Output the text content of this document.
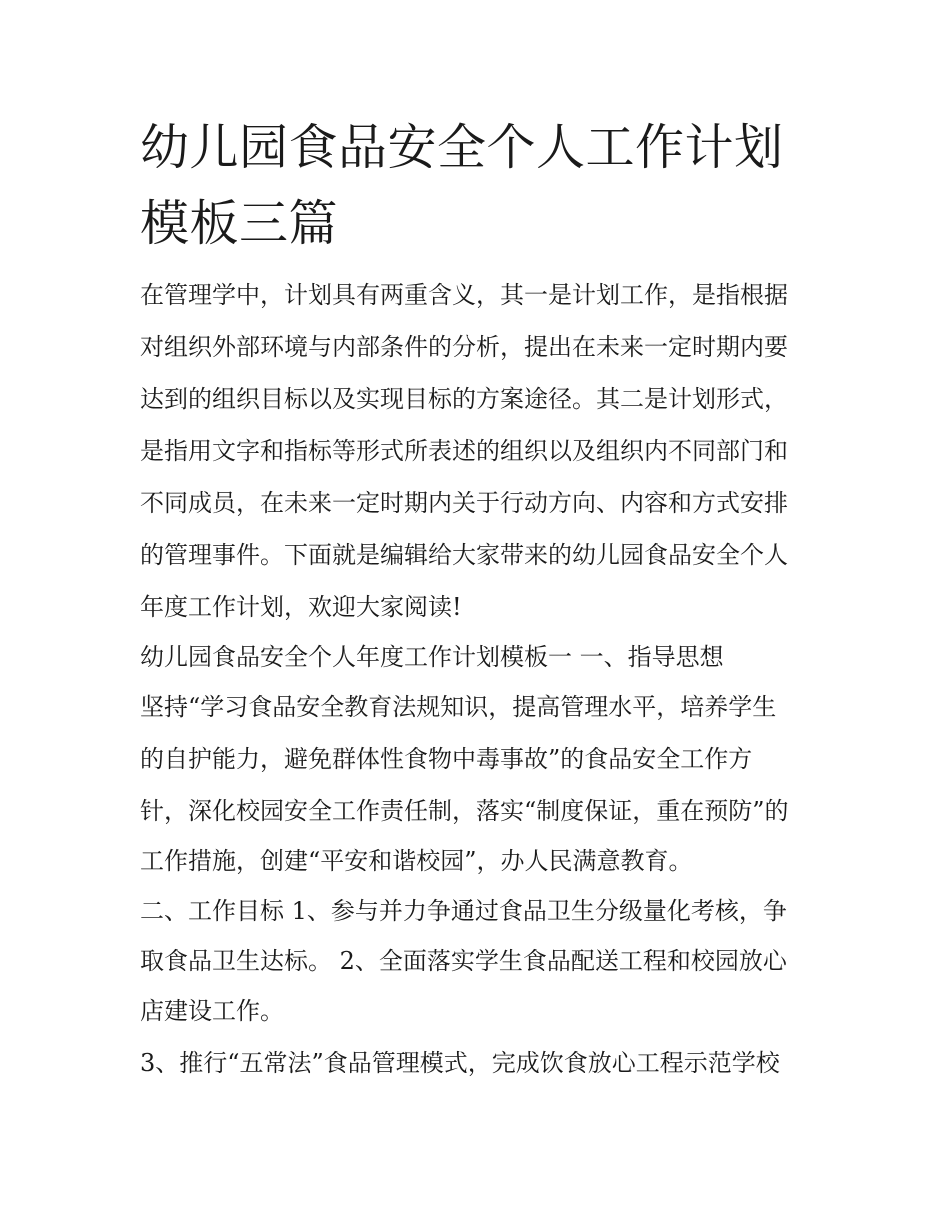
幼儿园食品安全个人工作计划模板三篇
在管理学中，计划具有两重含义，其一是计划工作，是指根据
对组织外部环境与内部条件的分析，提出在未来一定时期内要
达到的组织目标以及实现目标的方案途径。其二是计划形式，
是指用文字和指标等形式所表述的组织以及组织内不同部门和
不同成员，在未来一定时期内关于行动方向、内容和方式安排
的管理事件。下面就是编辑给大家带来的幼儿园食品安全个人
年度工作计划，欢迎大家阅读!
幼儿园食品安全个人年度工作计划模板一 一、指导思想
坚持“学习食品安全教育法规知识，提高管理水平，培养学生
的自护能力，避免群体性食物中毒事故”的食品安全工作方
针，深化校园安全工作责任制，落实“制度保证，重在预防”的
工作措施，创建“平安和谐校园”，办人民满意教育。
二、工作目标 1、参与并力争通过食品卫生分级量化考核，争
取食品卫生达标。 2、全面落实学生食品配送工程和校园放心
店建设工作。
3、推行“五常法”食品管理模式，完成饮食放心工程示范学校
